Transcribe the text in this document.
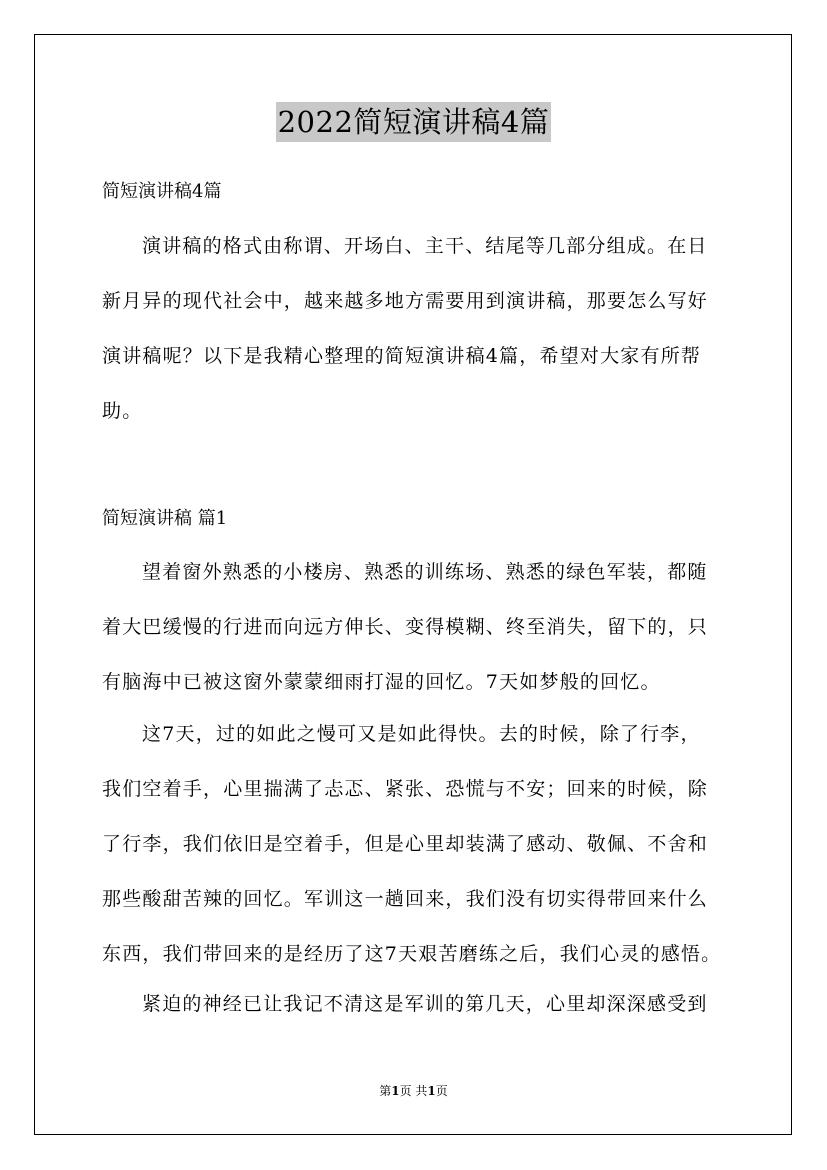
2022简短演讲稿4篇
简短演讲稿4篇
演讲稿的格式由称谓、开场白、主干、结尾等几部分组成。在日
新月异的现代社会中，越来越多地方需要用到演讲稿，那要怎么写好
演讲稿呢？以下是我精心整理的简短演讲稿4篇，希望对大家有所帮
助。
简短演讲稿 篇1
望着窗外熟悉的小楼房、熟悉的训练场、熟悉的绿色军装，都随
着大巴缓慢的行进而向远方伸长、变得模糊、终至消失，留下的，只
有脑海中已被这窗外蒙蒙细雨打湿的回忆。7天如梦般的回忆。
这7天，过的如此之慢可又是如此得快。去的时候，除了行李，
我们空着手，心里揣满了忐忑、紧张、恐慌与不安；回来的时候，除
了行李，我们依旧是空着手，但是心里却装满了感动、敬佩、不舍和
那些酸甜苦辣的回忆。军训这一趟回来，我们没有切实得带回来什么
东西，我们带回来的是经历了这7天艰苦磨练之后，我们心灵的感悟。
紧迫的神经已让我记不清这是军训的第几天，心里却深深感受到
第1页 共1页
